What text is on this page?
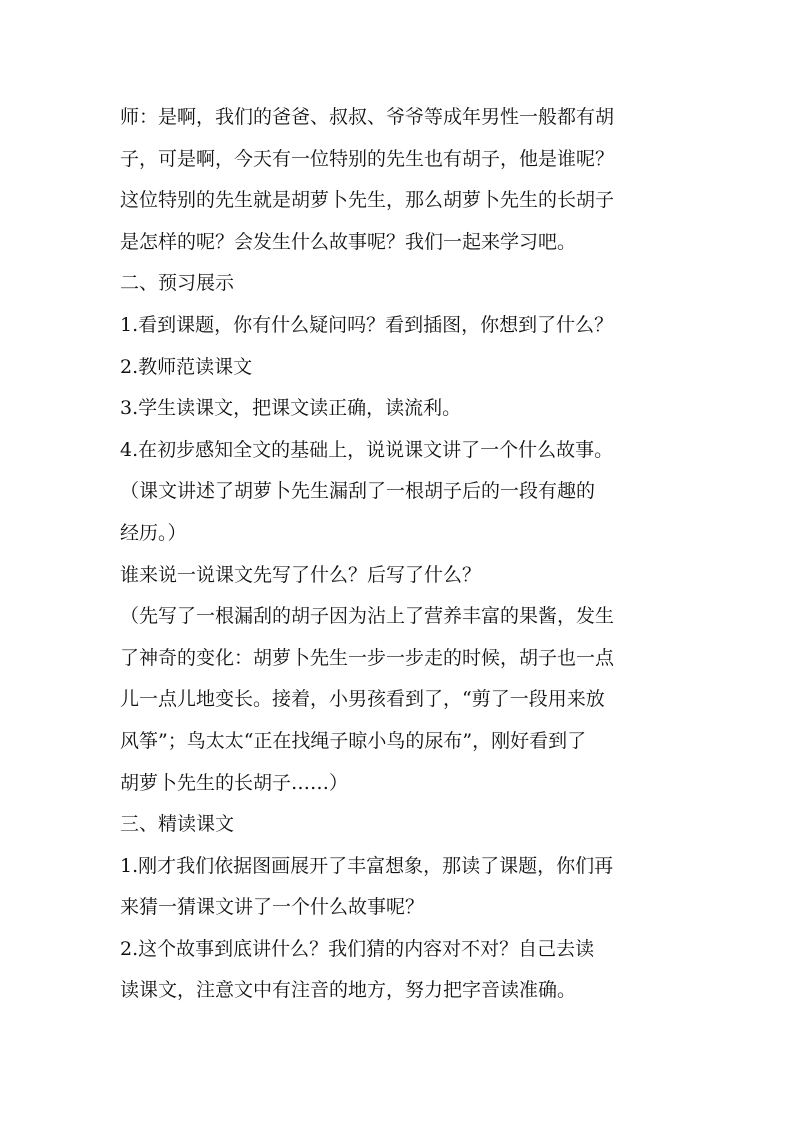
师：是啊，我们的爸爸、叔叔、爷爷等成年男性一般都有胡
子，可是啊，今天有一位特别的先生也有胡子，他是谁呢？
这位特别的先生就是胡萝卜先生，那么胡萝卜先生的长胡子
是怎样的呢？会发生什么故事呢？我们一起来学习吧。
二、预习展示
1.看到课题，你有什么疑问吗？看到插图，你想到了什么？
2.教师范读课文
3.学生读课文，把课文读正确，读流利。
4.在初步感知全文的基础上，说说课文讲了一个什么故事。
（课文讲述了胡萝卜先生漏刮了一根胡子后的一段有趣的
经历。）
谁来说一说课文先写了什么？后写了什么？
（先写了一根漏刮的胡子因为沾上了营养丰富的果酱，发生
了神奇的变化：胡萝卜先生一步一步走的时候，胡子也一点
儿一点儿地变长。接着，小男孩看到了，“剪了一段用来放
风筝”；鸟太太“正在找绳子晾小鸟的尿布”，刚好看到了
胡萝卜先生的长胡子……）
三、精读课文
1.刚才我们依据图画展开了丰富想象，那读了课题，你们再
来猜一猜课文讲了一个什么故事呢？
2.这个故事到底讲什么？我们猜的内容对不对？自己去读
读课文，注意文中有注音的地方，努力把字音读准确。
